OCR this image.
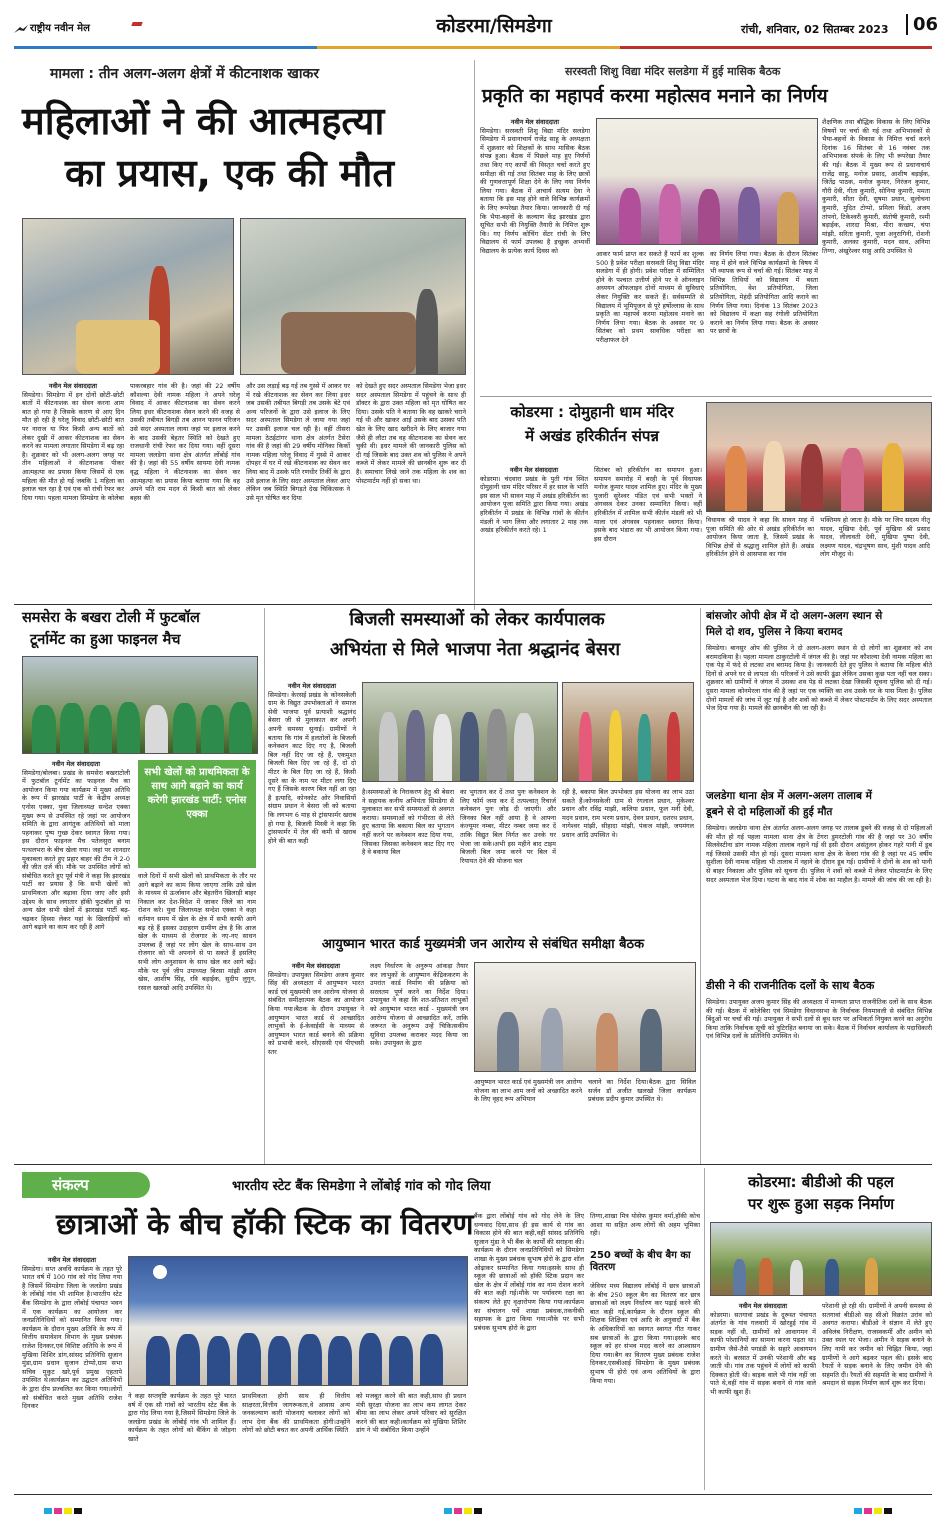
राष्ट्रीय नवीन मेल	कोडरमा/सिमडेगा	रांची, शनिवार, 02 सितम्बर 2023	06
मामला : तीन अलग-अलग क्षेत्रों में कीटनाशक खाकर
महिलाओं ने की आत्महत्या
का प्रयास, एक की मौत
नवीन मेल संवाददाता
सिमडेगा। सिमडेगा में इन दोनों छोटी-छोटी बातों में कीटनाशक का सेवन करना आम बात हो गया है जिसके कारण से आए दिन मौत हो रही है घरेलू विवाद छोटी-छोटी बात पर नाराज या फिर किसी अन्य बातों को लेकर दुखी में आकर कीटनाशक का सेवन करने का मामला लगातार सिमडेगा में बढ़ रहा है। शुक्रवार को भी अलग-अलग जगह पर तीन महिलाओं ने कीटनाशक पीकर आत्महत्या का प्रयास किया जिसमें से एक महिला की मौत हो गई जबकि 1 महिला का इलाज चल रहा है एवं एक को रांची रेफर कर दिया गया। पहला मामला सिमडेगा के कोलेबा
पाकरबहार गांव की है। जहां की 22 वर्षीय कौशल्या देवी नामक महिला ने अपने घरेलू विवाद में आकर कीटनाशक का सेवन करने लिया इधर कीटनाशक सेवन करने की वजह से उसकी तबीयत बिगड़ी तब आनन फानन परिजन उसे सदर अस्पताल लाया जहां पर इलाज करने के बाद उसकी बेहतर स्थिति को देखते हुए राजधानी रांची रेफर कर दिया गया। वहीं दूसरा मामला जलडेगा थाना क्षेत्र अंतर्गत लोंबोई गांव की है। जहां की 55 वर्षीय सायमा देवी नामक वृद्ध महिला ने कीटनाशक का सेवन कर आत्महत्या का प्रयास किया बताया गया कि वह अपने पति राम मदन से किसी बात को लेकर बहस की
और उस लड़ाई बढ़ गई तब गुस्से में आकर घर में रखे कीटनाशक का सेवन कर लिया इधर जब उसकी तबीयत बिगड़ी तब उसके बेटे एवं अन्य परिजनों के द्वारा उसे इलाज के लिए सदर अस्पताल सिमडेगा ले जाया गया जहां पर उसकी इलाज चल रही है। वहीं तीसरा मामला ठेठईटांगर थाना क्षेत्र अंतर्गत टैसेरा गांव की है जहां की 29 वर्षीय मोनिका किर्को नामक महिला घरेलू विवाद में गुस्से में आकर दोपहर में घर में रखे कीटनाशक का सेवन कर लिया बाद में उसके पति रणधीर तिर्की के द्वारा उसे इलाज के लिए सदर अस्पताल लेकर आए लेकिन जब स्थिति बिगड़ते देख चिकित्सक ने उसे मृत घोषित कर दिया
को देखते हुए सदर अस्पताल सिमडेगा भेजा इधर सदर अस्पताल सिमडेगा में पहुंचने के साथ ही डॉक्टर के द्वारा उक्त महिला को मृत घोषित कर दिया। उसके पति ने बताया कि वह खाकरे चराने गई थी और खाकर आई उसके बाद उसका पति खेत के लिए खाद खरीदने के लिए बाजार गया जैसे ही लौटा तब वह कीटनाशक का सेवन कर चुकी थी। इधर मामले की जानकारी पुलिस को दी गई जिसके बाद उक्त शव को पुलिस ने अपने कब्जे में लेकर मामले की छानबीन शुरू कर दी है। समाचार लिखे जाने तक महिला के शव का पोस्टमार्टम नहीं हो सका था।
सरस्वती शिशु विद्या मंदिर सलडेगा में हुई मासिक बैठक
प्रकृति का महापर्व करमा महोत्सव मनाने का निर्णय
नवीन मेल संवाददाता
सिमडेगा। सरस्वती शिशु विद्या मंदिर सलडेगा सिमडेगा में प्रधानाचार्य राजेंद्र साहू के अध्यक्षता में शुक्रवार को शिक्षकों के साथ मासिक बैठक संपन्न हुआ। बैठक में पिछले माह हुए निर्णयों तथा किए गए कार्यों की विस्तृत चर्चा करते हुए समीक्षा की गई तथा सितंबर माह के लिए छात्रों की गुणवत्तापूर्ण शिक्षा देने के लिए नया निर्णय लिया गया। बैठक में आचार्य सत्यम देवा ने बताया कि इस माह होने वाले विभिन्न कार्यक्रमों के लिए रूपरेखा तैयार किया। जानकारी दी गई कि भैया-बहनों के कल्याण केंद्र झारखंड द्वारा सूचित सभी की नियुक्ति तैयारी के निमित्त शुरू कि। गए निर्णय कोचिंग सेंटर रांची के लिए विद्यालय से फार्म उपलब्ध है इच्छुक अभ्यर्थी विद्यालय के प्रत्येक कार्य दिवस को	आकर फार्म प्राप्त कर सकते हैं फार्म का शुल्क 500 है प्रवेश परीक्षा सरस्वती शिशु विद्या मंदिर सलडेगा में ही होगी। प्रवेश परीक्षा में सम्मिलित होने के पश्चात उत्तीर्ण होने पर वे ऑनलाइन अध्ययन ऑफलाइन दोनों माध्यम से सुविधाएं लेकर नियुक्ति कर सकते हैं। सर्वसम्मति से विद्यालय में भूमिपूजन से पूरे हर्षोल्लास के साथ प्रकृति का महापर्व करमा महोत्सव मनाने का निर्णय लिया गया। बैठक के अवसर पर 9 सितंबर को प्रथम सावधिक परीक्षा का परीक्षाफल देने
का निर्णय लिया गया। बैठक के दौरान सितंबर माह में होने वाले विभिन्न कार्यक्रमों के विषय में भी व्यापक रूप से चर्चा की गई। सितंबर माह में विभिन्न तिथियों को विद्यालय में बस्ता प्रतियोगिता, वेश प्रतियोगिता, जिला प्रतियोगिता, मेहंदी प्रतियोगिता आदि कराने का निर्णय लिया गया। दिनांक 13 सितंबर 2023 को विद्यालय में कक्षा सह रंगोली प्रतियोगिता कराने का निर्णय लिया गया। बैठक के अवसर पर छात्रों के
शैक्षणिक तथा बौद्धिक विकास के लिए विभिन्न विषयों पर चर्चा की गई तथा अभिभावकों से भैया-बहनों के विकास के निमित्त चर्चा करने दिनांक 16 सितंबर से 16 नवंबर तक अभिभावक संपर्क के लिए भी रूपरेखा तैयार की गई। बैठक में मुख्य रूप से प्रधानाचार्य राजेंद्र साहू, मनोज प्रसाद, आशीष बड़ाईक, जितेंद्र पाठक, मनोज कुमार, निरंजन कुमार, गौरी देवी, गीता कुमारी, सोनिया कुमारी, ममता कुमारी, सीता देवी, सुषमा प्रधान, सुलोचना कुमारी, मुदित टोप्पो, प्रमिला किंडो, अजय तांपनो, टिकेश्वरी कुमारी, संतोषी कुमारी, रश्मी बड़ाईक, शारदा मिश्रा, मीरा कच्छप, चंपा मांझी, सरिता कुमारी, पूजा अनुरागिनी, रोशनी कुमारी, अलका कुमारी, मदन साव, अनिमा तिग्गा, अंखुरेश्वर साहु आदि उपस्थित थे
कोडरमा : दोमुहानी धाम मंदिर
में अखंड हरिकीर्तन संपन्न
नवीन मेल संवाददाता
कोडरमा। चंदवारा प्रखंड के पुती गांव स्थित दोमुहानी धाम मंदिर परिसर में हर साल के भांति इस साल भी सावन माह में अखंड हरिकीर्तन का आयोजन पूजा समिति द्वारा किया गया। अखंड हरिकीर्तन में प्रखंड के विभिन्न गांवों के कीर्तन मंडली ने भाग लिया और लगातार 2 माह तक अखंड हरिकीर्तन करते रहे। 1
सितंबर को हरिकीर्तन का समापन हुआ। समापन समारोह में बरही के पूर्व विधायक मनोज कुमार यादव शामिल हुए। मंदिर के मुख्य पुजारी सुरेश्वर पंडित एवं सभी भक्तों ने अंगवस्त्र देकर उनका सम्मानित किया। वहीं हरिकीर्तन में शामिल सभी कीर्तन मंडली को भी माला एवं अंगवस्त्र पहनाकर स्वागत किया। इसके बाद भंडारा का भी आयोजन किया गया। इस दौरान
विधायक श्री यादव ने कहा कि सावन माह में पूजा समिति की ओर से अखंड हरिकीर्तन का आयोजन किया जाता है, जिसमें प्रखंड के विभिन्न क्षेत्रों से श्रद्धालु शामिल होते हैं। अखंड हरिकीर्तन होने से आसपास का गांव
भक्तिमय हो जाता है। मौके पर जिप सदस्य नीतू यादव, मुखिया देवी, पूर्व मुखिया श्री प्रसाद यादव, लीलावती देवी, मुखिया पुष्पा देवी, लक्ष्मण यादव, चंद्रभूषण साव, मुंशी यादव आदि लोग मौजूद थे।
समसेरा के बखरा टोली में फुटबॉल
टूर्नामेंट का हुआ फाइनल मैच
नवीन मेल संवाददाता
सिमडेगा/बोलबा। प्रखंड के समसेरा बखराटोली में फुटबॉल टूर्नामेंट का फाइनल मैच का आयोजन किया गया कार्यक्रम में मुख्य अतिथि के रूप में झारखंड पार्टी के केंद्रीय अध्यक्ष एनोस एक्का, युवा जिलाध्यक्ष सन्देश एक्का मुख्य रूप से उपस्थित रहे जहां पर आयोजन समिति के द्वारा आगंतुक अतिथियों को माला पहनाकर पुष्प गुच्छ देकर स्वागत किया गया। इस दौरान फाइनल मैच पतेलसुरा बनाम पत्थलभरा के बीच खेला गया। जहां पर शानदार मुकाबला करते हुए प्रहार बाहर की टीम ने 2-0 की जीत दर्ज की। मौके पर उपस्थित लोगों को संबोधित करते हुए पूर्व मंत्री ने कहा कि झारखंड पार्टी का प्रयास है कि सभी खेलों को प्राथमिकता और बढ़ावा दिया जाए और इसी उद्देश्य के साथ लगातार हॉकी फुटबॉल हो या अन्य खेल सभी खेलों में झारखंड पार्टी बढ़-चढ़कर हिस्सा लेकर यहां के खिलाड़ियों को आगे बढ़ाने का काम कर रही है आगे
सभी खेलों को प्राथमिकता के साथ आगे बढ़ाने का कार्य करेगी झारखंड पार्टी: एनोस एक्का
वाले दिनों में सभी खेलों को प्राथमिकता के तौर पर आगे बढ़ाने का काम किया जाएगा ताकि उसे खेल के माध्यम से ऊर्जावान और बेहतरीन खिलाड़ी बाहर निकाल कर देश-विदेश में जाकर जिले का नाम रोशन करे। युवा जिलाध्यक्ष सन्देश एक्का ने कहा वर्तमान समय में खेल के क्षेत्र में सभी काफी आगे बढ़ रहे हैं इसका उदाहरण ग्रामीण क्षेत्र है कि आज खेल के माध्यम से रोजगार के नए-नए साधन उपलब्ध हैं जहां पर लोग खेल के साथ-साथ उन रोजगार को भी अपनाने से पा सकते हैं इसलिए सभी लोग अनुशासन के साथ खेल कर आगे बढ़ें। मौके पर पूर्व जीप उपाध्यक्ष बिरसा मांझी अमन खेस, आशीष सिंह, रवि बड़ाईक, सुदीप लुगुन, रसाल खलखो आदि उपस्थित थे।
बिजली समस्याओं को लेकर कार्यपालक
अभियंता से मिले भाजपा नेता श्रद्धानंद बेसरा
नवीन मेल संवाददाता
सिमडेगा। केरसई प्रखंड के कोनसकेली ग्राम के विद्युत उपभोक्ताओं ने समाज सेवी भाजपा पूर्व प्रत्याशी श्रद्धानंद बेसरा जी से मुलाकात कर अपनी अपनी समस्या सुनाई। ग्रामीणों ने बताया कि गांव में हलताेलों के बिजली कनेक्शन काट दिए गए है, बिजली बिल नहीं दिए जा रहे हैं, एकमुश्त बिजली बिल दिए जा रहे हैं, दो दो मीटर के बिल दिए जा रहे हैं, किसी दूसरे का के नाम पर मीटर लगा दिए गए हैं जिसके कारण बिल नहीं आ रहा है इत्यादि, कोनकोट ओर निवासियों संग्राम प्रधान ने बेसरा जी को बताया कि लगभग 6 माह से ट्रांसफार्मर खराब हो गया है, बिजली मिस्त्री ने कहा कि ट्रांसफार्मर में तेल की कमी से खराब होने की बात कही
है।समस्याओं के निराकरण हेतु श्री बेसरा ने सहायक कनीय अभियंता सिमडेगा से मुलाकात कर सभी समस्याओं से अवगत कराया। समस्याओं को गंभीरता से लेते हुए बताया कि बकाया बिल का भुगतान नहीं करने पर कनेक्शन काट दिया गया, जिसका जिसका कनेक्शन काट दिए गए है वे बकाया बिल
का भुगतान कर दें तथा पुनः कनेक्शन के लिए फॉर्म जमा कर दें तत्पश्चात् रिचार्ज कनेक्शन पुनः जोड़ दी जाएगी। और जिनका बिल नहीं आया है वे आफ्ना कंज्यूमर नम्बर, मीटर नम्बर जमा कर दें ताकि विद्युत बिल निर्गत कर उनके घर भेजा जा सके।अभी इस महीने बाद टाइम बिजली बिल जमा करने पर बिल में रियायत देने की योजना चल
रही है, बकाया बिल उपभोक्ता इस योजना का लाभ उठा सकते हैं।कोनसकेली ग्राम से रंगलाल प्रधान, मुकेश्वर प्रधान और रविंद्र माझी, कलिया प्रधान, फूल मनी देवी, मदन प्रधान, राम भरण प्रधान, देवन प्रधान, दशरथ प्रधान, नागेश्वर मांझी, सीहादा मांझी, पंकज मांझी, जयमंगल प्रधान आदि उपस्थित थे।
आयुष्मान भारत कार्ड मुख्यमंत्री जन आरोग्य से संबंधित समीक्षा बैठक
नवीन मेल संवाददाता
सिमडेगा। उपायुक्त सिमडेगा अजय कुमार सिंह की अध्यक्षता में आयुष्मान भारत कार्ड एवं मुख्यमंत्री जन आरोग्य योजना से संबंधित समीक्षात्मक बैठक का आयोजन किया गया।बैठक के दौरान उपायुक्त ने आयुष्मान भारत कार्ड से आच्छादित लाभुकों के ई-केवाईसी के माध्यम से आयुष्मान भारत कार्ड बनाने की प्रक्रिया को प्रभावी करने, सीएससी एवं पीएचसी स्तर
लक्ष्य निर्धारण के अनुरूप आंकड़ा तैयार कर लाभुकों के आयुष्मान केंद्रिककरण के उपरांत कार्ड निर्माण की प्रक्रिया को सरलतम पूर्ण करने का निर्देश दिया। उपायुक्त ने कहा कि शत-प्रतिशत लाभुकों को आयुष्मान भारत कार्ड - मुख्यमंत्री जन आरोग्य योजना से आच्छादित करें, ताकि जरूरत के अनुरूप उन्हें चिकित्सकीय सुविधा उपलब्ध कराकर मदद किया जा सके। उपायुक्त के द्वारा
आयुष्मान भारत कार्ड एवं मुख्यमंत्री जन आरोग्य योजना का लाभ आम जनों को अच्छादित करने के लिए वृहद रूप अभियान
चलाने का निर्देश दिया।बैठक द्वारा सिविल सर्जन डॉ अजीत खलखो जिला कार्यक्रम प्रबंधक प्रदीप कुमार उपस्थित थे।
बांसजोर ओपी क्षेत्र में दो अलग-अलग स्थान से
मिले दो शव, पुलिस ने किया बरामद
सिमडेगा। बानसुर ओप की पुलिस ने दो अलग-अलग स्थान से दो लोगों का शुक्रवार को शव बरामदकिया है। पहला मामला ठाकुरटोली में जंगल की है। जहां पर कौशल्या देवी नामक महिला का एक पेड़ में फंदे से लटका शव बरामद किया है। जानकारी देते हुए पुलिस ने बताया कि महिला बीते दिनों से अपने घर से लापता थी। परिजनों ने उसे काफी ढूंढा लेकिन उसका कुछ पता नहीं चल सका। शुक्रवार को ग्रामीणों ने जंगल में उसका शव पेड़ से लटका देखा जिसकी सूचना पुलिस को दी गई। दूसरा मामला कोनमेरला गांव की है जहां पर एक व्यक्ति का शव उसके घर के पास मिला है। पुलिस दोनों मामलों की जांच में जुट गई है और शवों को कब्जे में लेकर पोस्टमार्टम के लिए सदर अस्पताल भेज दिया गया है। मामले की छानबीन की जा रही है।
जलडेगा थाना क्षेत्र में अलग-अलग तालाब में
डूबने से दो महिलाओं की हुई मौत
सिमडेगा। जलडेगा थाना क्षेत्र अंतर्गत अलग-अलग जगह पर तालाब डूबने की वजह से दो महिलाओं की मौत हो गई पहला मामला थाना क्षेत्र के टेंगरा डुमरटोली गांव की है जहां पर 30 वर्षीय सिलवेस्टीना डांग नामक महिला तालाब नहाने गई थी इसी दौरान असंतुलन होकर गहरे पानी में डूब गई जिससे उसकी मौत हो गई। दूसरा मामला थाना क्षेत्र के केवरा गांव की है जहां पर 45 वर्षीय सुशीला देवी नामक महिला भी तालाब में नहाने के दौरान डूब गई। ग्रामीणों ने दोनों के शव को पानी से बाहर निकाला और पुलिस को सूचना दी। पुलिस ने शवों को कब्जे में लेकर पोस्टमार्टम के लिए सदर अस्पताल भेज दिया। घटना के बाद गांव में शोक का माहौल है। मामले की जांच की जा रही है।
डीसी ने की राजनीतिक दलों के साथ बैठक
सिमडेगा। उपायुक्त अजय कुमार सिंह की अध्यक्षता में मान्यता प्राप्त राजनीतिक दलों के साथ बैठक की गई। बैठक में कोलेबिरा एवं सिमडेगा विधानसभा के निर्वाचक नियमावली से संबंधित विभिन्न बिंदुओं पर चर्चा की गई। उपायुक्त ने सभी दलों से बूथ स्तर पर अभिकर्ता नियुक्त करने का अनुरोध किया ताकि निर्वाचक सूची को त्रुटिरहित बनाया जा सके। बैठक में निर्वाचन कार्यालय के पदाधिकारी एवं विभिन्न दलों के प्रतिनिधि उपस्थित थे।
संकल्प	भारतीय स्टेट बैंक सिमडेगा ने लोंबोई गांव को गोद लिया
छात्राओं के बीच हॉकी स्टिक का वितरण
नवीन मेल संवाददाता
सिमडेगा। सप्त अवधि कार्यक्रम के तहत पूरे भारत वर्ष में 100 गांव को गोद लिया गया है जिसमें सिमडेगा जिला के जलडेगा प्रखंड के लोंबोई गांव भी शामिल है।भारतीय स्टेट बैंक सिमडेगा के द्वारा लोंबोई पंचायत भवन में एक कार्यक्रम का आयोजन कर जनप्रतिनिधियों को सम्मानित किया गया। कार्यक्रम के दौरान मुख्य अतिथि के रूप में वित्तीय समावेशन विभाग के मुख्य प्रबंधक राजेश दिनकर,एवं विशिष्ट अतिथि के रूप में मुखिया शिशिर डांग,सांसद प्रतिनिधि सुजान मुंडा,ग्राम प्रधान सुजान टोप्पो,ग्राम सभा सचिव मुकुट खरे,पूर्व प्रमुख एहतापे उपस्थित थे।कार्यक्रम का उद्घाटन अतिथियों के द्वारा दीप प्रज्वलित कर किया गया।लोगों को संबोधित करते मुख्य अतिथि राजेश दिनकर
ने कहा सप्तवृष्टि कार्यक्रम के तहत पूरे भारत वर्ष में एक सौ गांवों को भारतीय स्टेट बैंक के द्वारा गोद लिया गया है,जिसमें सिमडेगा जिले के जलडेगा प्रखंड के लोंबोई गांव भी शामिल हैं।कार्यक्रम के तहत लोगों को बैंकिंग से जोड़ना खाते
प्राथमिकता होगी साथ ही वित्तीय साक्षरता,वित्तीय जागरूकता,वे आवास अन्य जनकल्याण कारी योजनाएं चलाकर लोगों को लाभ देना बैंक की प्राथमिकता होगी।उन्होंने लोगों को छोटी बचत कर अपनी आर्थिक स्थिति
को मजबूत करने की बात कही,साथ ही प्रधान मंत्री सुरक्षा योजना का लाभ कम लागत देकर बीमा का लाभ लेकर अपने परिवार को सुरक्षित करने की बात कही।कार्यक्रम को मुखिया शिशिर डांग ने भी संबोधित किया उन्होंने
बैंक द्वारा लोंबोई गांव को गोद लेने के लिए धन्यवाद दिया,साथ ही इस कार्य से गांव का विकास होने की बात कही,वहीं सांसद प्रतिनिधि सुजान मुंडा ने भी बैंक के कार्यों की सराहना की। कार्यक्रम के दौरान जनप्रतिनिधियों को सिमडेगा शाखा के मुख्य प्रबंधक सुभाष होरो के द्वारा शॉल ओढ़ाकर सम्मानित किया गया।इसके साथ ही स्कूल की छात्राओं को हॉकी स्टिक प्रदान कर खेल के क्षेत्र में लोंबोई गांव का नाम रोशन करने की बात कही गई।मौके पर पर्यावरण रक्षा का संकल्प लेते हुए वृक्षारोपण किया गया।कार्यक्रम का संचालन पर्चे शाखा प्रबंधक,तकनीकी सहायक के द्वारा किया गया।मौके पर सभी प्रबंधक सुभाष होरो के द्वारा
तिग्गा,शाखा मित्र योसेफ कुमार वर्मा,हॉकी कोच आशा या सहित अन्य लोगों की अहम भूमिका रही।
250 बच्चों के बीच बैग का वितरण
जेवियर मध्य विद्यालय लोंबोई में छात्र छात्राओं के बीच 250 स्कूल बैग का वितरण कर छात्र छात्राओं को लक्ष्य निर्धारण कर पढ़ाई करने की बात कही गई,कार्यक्रम के दौरान स्कूल की शिक्षक शिक्षिका एवं आदि के अनुवादों में बैंक के अधिकारियों का स्वागत स्वागत गीत गाकर सब छात्राओं के द्वारा किया गया।इसके बाद स्कूल को हर संभव मदद करने का आश्वासन दिया गया।बैग का वितरण मुख्य प्रबंधक राजेश दिनकर,एसबीआई सिमडेगा के मुख्य प्रबंधक सुभाष पी होरो एवं अन्य अतिथियों के द्वारा किया गया।
कोडरमा: बीडीओ की पहल
पर शुरू हुआ सड़क निर्माण
नवीन मेल संवाददाता
कोडरमा। सतगावां प्रखंड के दुरूस्त पंचायत अंतर्गत के गांव गलवारी में खोरहुई गांव में सड़क नहीं थी, ग्रामीणों को आवागमन में काफी परेशानियों का सामना करना पड़ता था। ग्रामीण जैसे-तैसे पगडंडी के सहारे आवागमन करते थे। बरसात में उनकी परेशानी और बढ़ जाती थी। गांव तक पहुंचने में लोगों को काफी दिक्कत होती थी। बाइक वाले भी गांव नहीं जा पाते थे,वहीं गांव में सड़क बनाने से गांव वाले भी काफी खुश हैं।
परेशानी हो रही थी। ग्रामीणों ने अपनी समस्या से सतगावां बीडीओ सह सीओ विक्रांत उरांव को अवगत कराया। बीडीओ ने संज्ञान में लेते हुए अविलंब निरीक्षण, राजस्वकर्मी और अमीन को उक्त स्थल पर भेजा। अमीन ने सड़क बनाने के लिए नापी कर जमीन को चिह्नित किया, जहां ग्रामीणों ने आगे बढ़कर पहल की। इसके बाद रैयतों ने सड़क बनाने के लिए जमीन देने की सहमति दी। रैयतों की सहमति के बाद ग्रामीणों ने श्रमदान से सड़क निर्माण कार्य शुरू कर दिया।
